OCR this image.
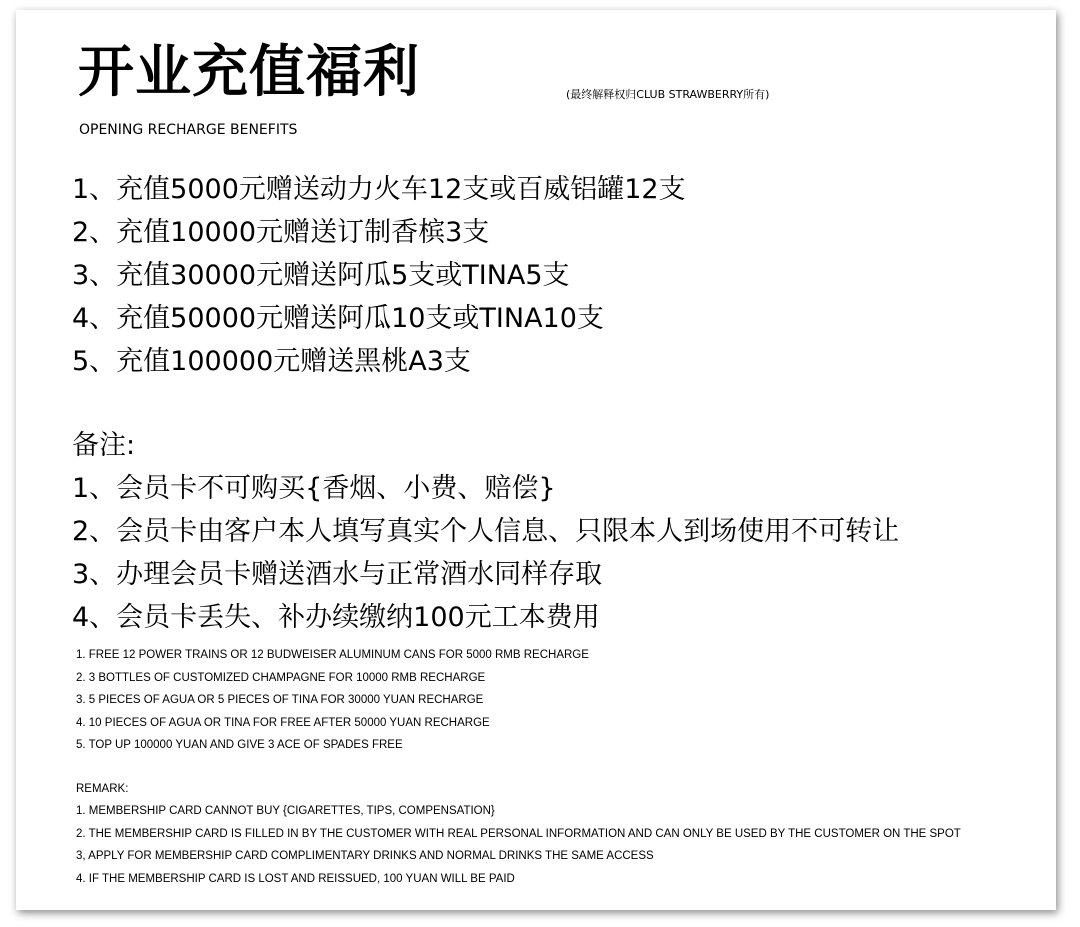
开业充值福利	(最终解释权归CLUB STRAWBERRY所有)
OPENING RECHARGE BENEFITS
1、充值5000元赠送动力火车12支或百威铝罐12支
2、充值10000元赠送订制香槟3支
3、充值30000元赠送阿瓜5支或TINA5支
4、充值50000元赠送阿瓜10支或TINA10支
5、充值100000元赠送黑桃A3支
备注:
1、会员卡不可购买{香烟、小费、赔偿}
2、会员卡由客户本人填写真实个人信息、只限本人到场使用不可转让
3、办理会员卡赠送酒水与正常酒水同样存取
4、会员卡丢失、补办续缴纳100元工本费用
1. FREE 12 POWER TRAINS OR 12 BUDWEISER ALUMINUM CANS FOR 5000 RMB RECHARGE
2. 3 BOTTLES OF CUSTOMIZED CHAMPAGNE FOR 10000 RMB RECHARGE
3. 5 PIECES OF AGUA OR 5 PIECES OF TINA FOR 30000 YUAN RECHARGE
4. 10 PIECES OF AGUA OR TINA FOR FREE AFTER 50000 YUAN RECHARGE
5. TOP UP 100000 YUAN AND GIVE 3 ACE OF SPADES FREE
REMARK:
1. MEMBERSHIP CARD CANNOT BUY {CIGARETTES, TIPS, COMPENSATION}
2. THE MEMBERSHIP CARD IS FILLED IN BY THE CUSTOMER WITH REAL PERSONAL INFORMATION AND CAN ONLY BE USED BY THE CUSTOMER ON THE SPOT
3, APPLY FOR MEMBERSHIP CARD COMPLIMENTARY DRINKS AND NORMAL DRINKS THE SAME ACCESS
4. IF THE MEMBERSHIP CARD IS LOST AND REISSUED, 100 YUAN WILL BE PAID
